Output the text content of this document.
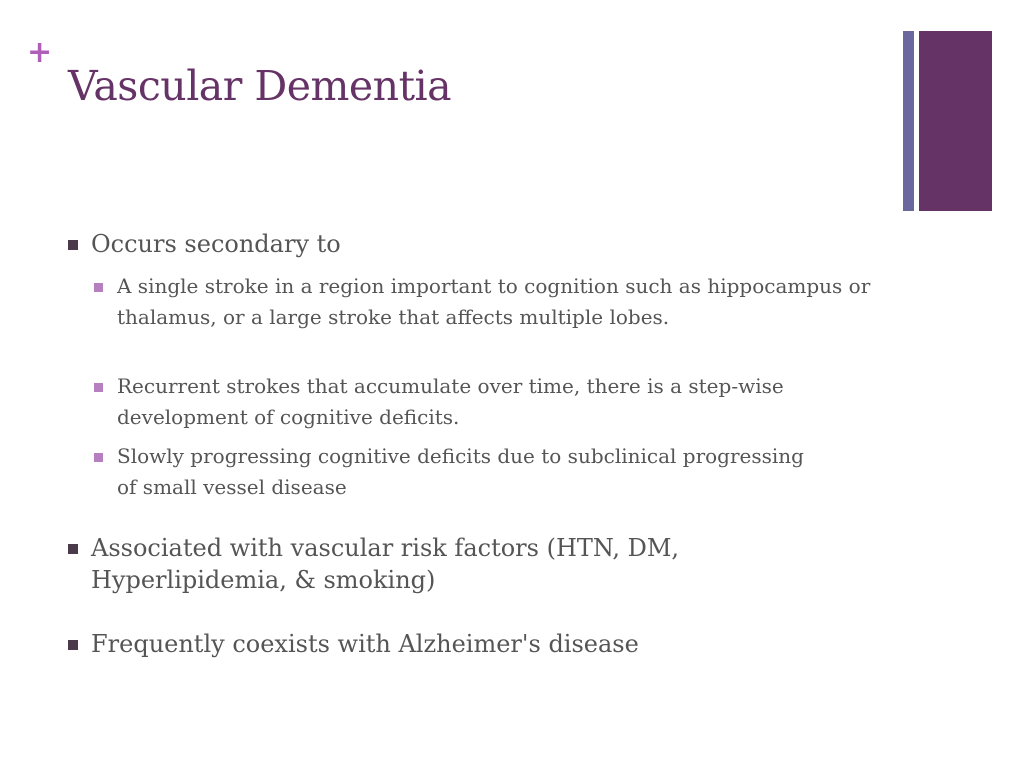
+
Vascular Dementia
Occurs secondary to
A single stroke in a region important to cognition such as hippocampus or thalamus, or a large stroke that affects multiple lobes.
Recurrent strokes that accumulate over time, there is a step-wise development of cognitive deficits.
Slowly progressing cognitive deficits due to subclinical progressing of small vessel disease
Associated with vascular risk factors (HTN, DM, Hyperlipidemia, & smoking)
Frequently coexists with Alzheimer's disease
